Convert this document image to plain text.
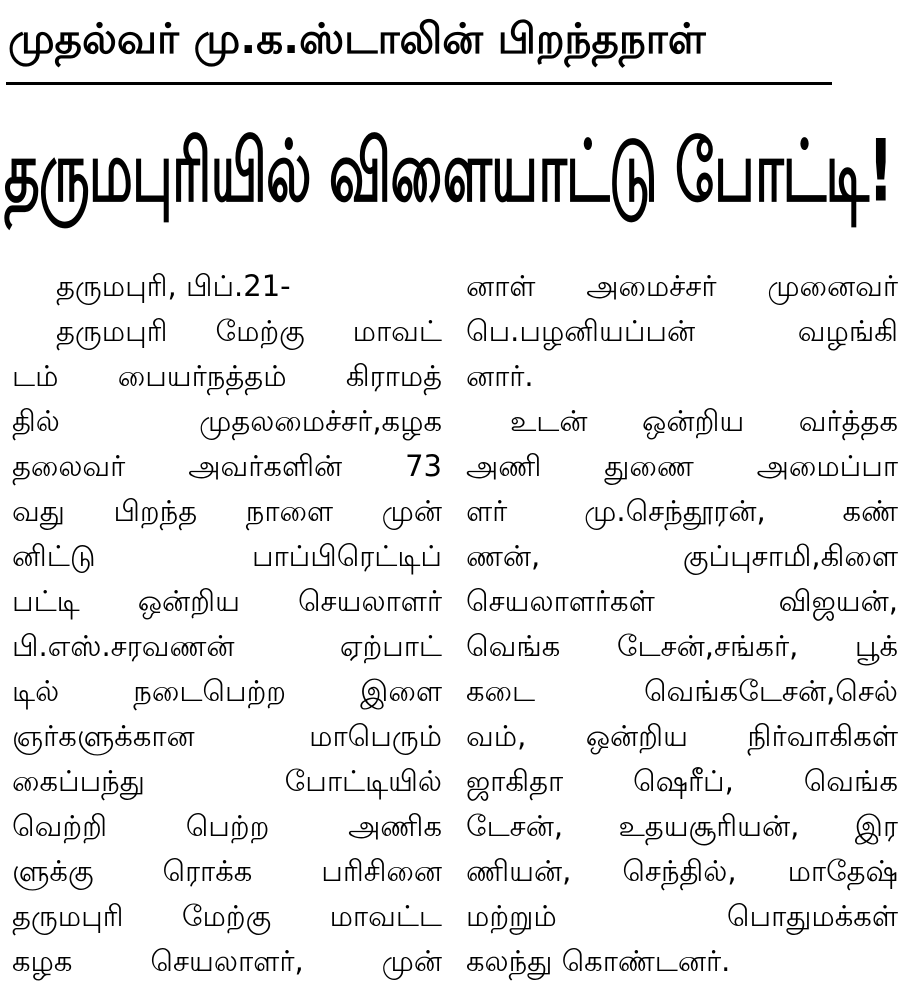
முதல்வர் மு.க.ஸ்டாலின் பிறந்தநாள்
தருமபுரியில் விளையாட்டு போட்டி!
தருமபுரி, பிப்.21-
தருமபுரி மேற்கு மாவட்
டம் பையர்நத்தம் கிராமத்
தில் முதலமைச்சர்,கழக
தலைவர் அவர்களின் 73
வது பிறந்த நாளை முன்
னிட்டு பாப்பிரெட்டிப்
பட்டி ஒன்றிய செயலாளர்
பி.எஸ்.சரவணன் ஏற்பாட்
டில் நடைபெற்ற இளை
ஞர்களுக்கான மாபெரும்
கைப்பந்து போட்டியில்
வெற்றி பெற்ற அணிக
ளுக்கு ரொக்க பரிசினை
தருமபுரி மேற்கு மாவட்ட
கழக செயலாளர், முன்
னாள் அமைச்சர் முனைவர்
பெ.பழனியப்பன் வழங்கி
னார்.
உடன் ஒன்றிய வர்த்தக
அணி துணை அமைப்பா
ளர் மு.செந்தூரன், கண்
ணன், குப்புசாமி,கிளை
செயலாளர்கள் விஜயன்,
வெங்க டேசன்,சங்கர், பூக்
கடை வெங்கடேசன்,செல்
வம், ஒன்றிய நிர்வாகிகள்
ஜாகிதா ஷெரீப், வெங்க
டேசன், உதயசூரியன், இர
ணியன், செந்தில், மாதேஷ்
மற்றும் பொதுமக்கள்
கலந்து கொண்டனர்.
